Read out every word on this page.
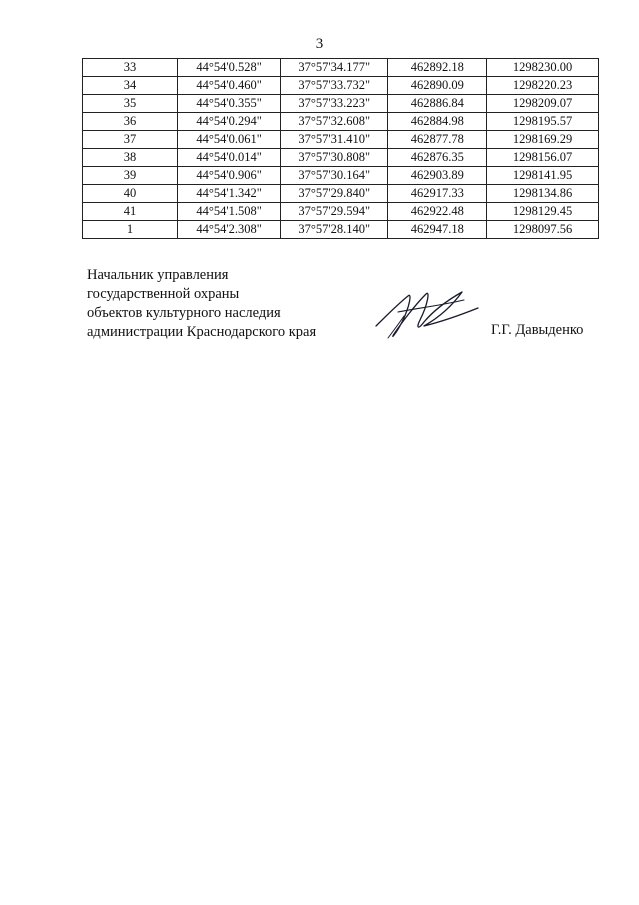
3
33	44°54'0.528"	37°57'34.177"	462892.18	1298230.00
34	44°54'0.460"	37°57'33.732"	462890.09	1298220.23
35	44°54'0.355"	37°57'33.223"	462886.84	1298209.07
36	44°54'0.294"	37°57'32.608"	462884.98	1298195.57
37	44°54'0.061"	37°57'31.410"	462877.78	1298169.29
38	44°54'0.014"	37°57'30.808"	462876.35	1298156.07
39	44°54'0.906"	37°57'30.164"	462903.89	1298141.95
40	44°54'1.342"	37°57'29.840"	462917.33	1298134.86
41	44°54'1.508"	37°57'29.594"	462922.48	1298129.45
1	44°54'2.308"	37°57'28.140"	462947.18	1298097.56
Начальник управления
государственной охраны
объектов культурного наследия
администрации Краснодарского края	Г.Г. Давыденко
